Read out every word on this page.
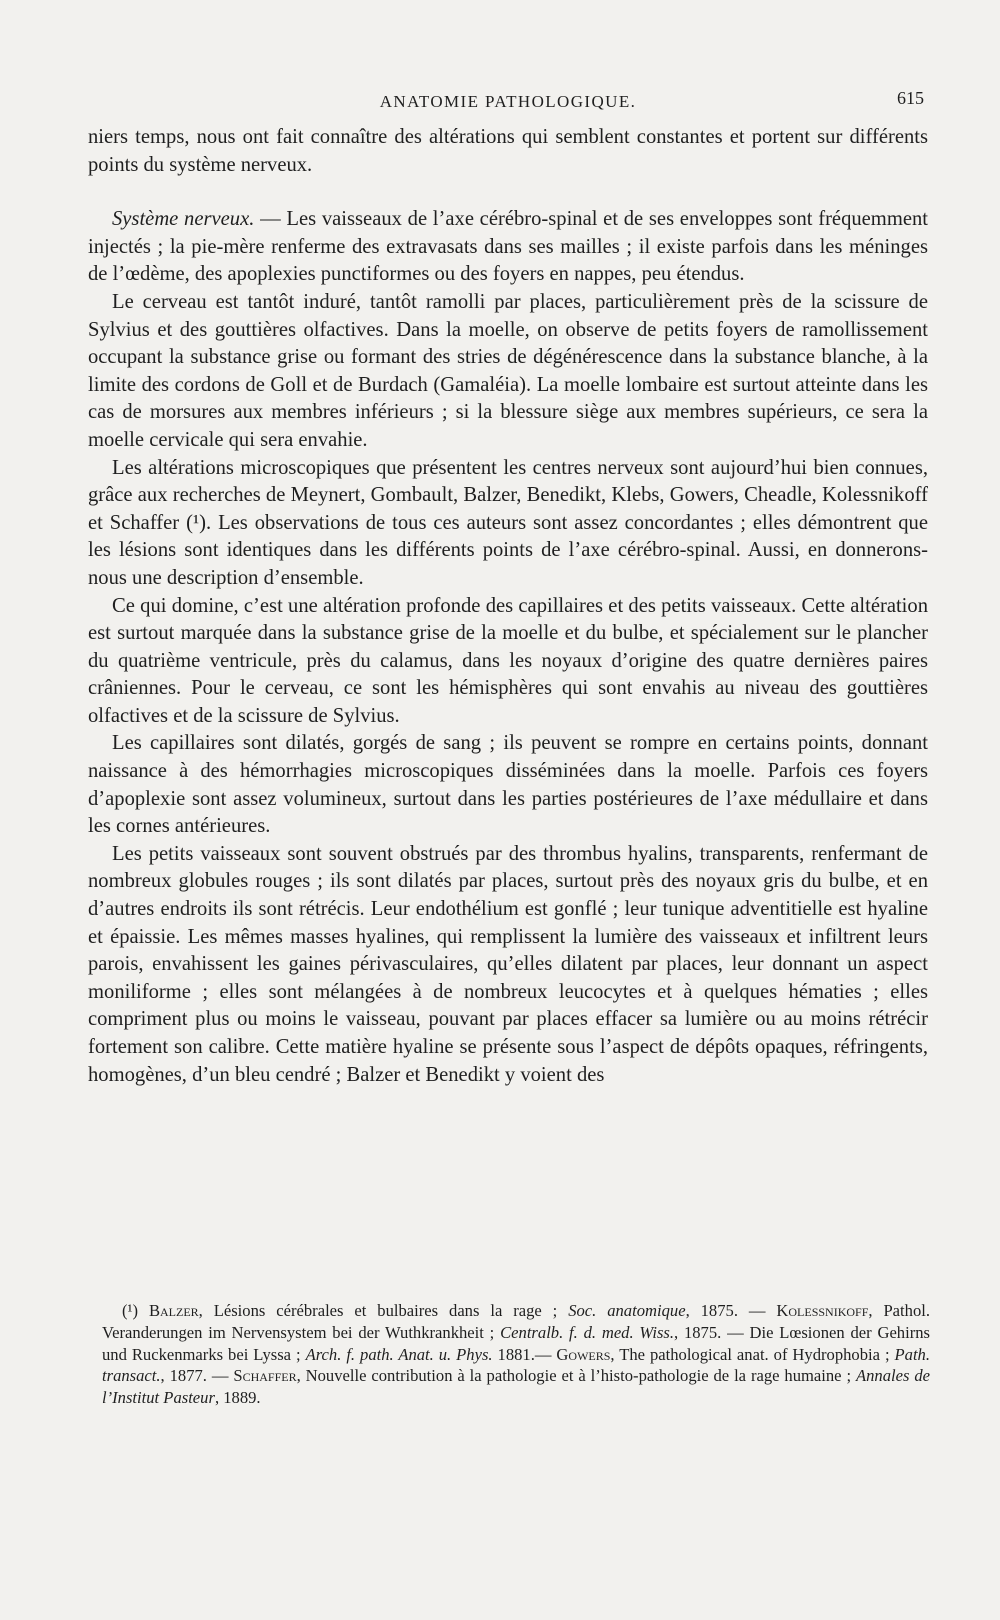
ANATOMIE PATHOLOGIQUE.	615

niers temps, nous ont fait connaître des altérations qui semblent constantes et portent sur différents points du système nerveux.

Système nerveux. — Les vaisseaux de l’axe cérébro-spinal et de ses enveloppes sont fréquemment injectés ; la pie-mère renferme des extravasats dans ses mailles ; il existe parfois dans les méninges de l’œdème, des apoplexies punctiformes ou des foyers en nappes, peu étendus.

Le cerveau est tantôt induré, tantôt ramolli par places, particulièrement près de la scissure de Sylvius et des gouttières olfactives. Dans la moelle, on observe de petits foyers de ramollissement occupant la substance grise ou formant des stries de dégénérescence dans la substance blanche, à la limite des cordons de Goll et de Burdach (Gamaléia). La moelle lombaire est surtout atteinte dans les cas de morsures aux membres inférieurs ; si la blessure siège aux membres supérieurs, ce sera la moelle cervicale qui sera envahie.

Les altérations microscopiques que présentent les centres nerveux sont aujourd’hui bien connues, grâce aux recherches de Meynert, Gombault, Balzer, Benedikt, Klebs, Gowers, Cheadle, Kolessnikoff et Schaffer (¹). Les observations de tous ces auteurs sont assez concordantes ; elles démontrent que les lésions sont identiques dans les différents points de l’axe cérébro-spinal. Aussi, en donnerons-nous une description d’ensemble.

Ce qui domine, c’est une altération profonde des capillaires et des petits vaisseaux. Cette altération est surtout marquée dans la substance grise de la moelle et du bulbe, et spécialement sur le plancher du quatrième ventricule, près du calamus, dans les noyaux d’origine des quatre dernières paires crâniennes. Pour le cerveau, ce sont les hémisphères qui sont envahis au niveau des gouttières olfactives et de la scissure de Sylvius.

Les capillaires sont dilatés, gorgés de sang ; ils peuvent se rompre en certains points, donnant naissance à des hémorrhagies microscopiques disséminées dans la moelle. Parfois ces foyers d’apoplexie sont assez volumineux, surtout dans les parties postérieures de l’axe médullaire et dans les cornes antérieures.

Les petits vaisseaux sont souvent obstrués par des thrombus hyalins, transparents, renfermant de nombreux globules rouges ; ils sont dilatés par places, surtout près des noyaux gris du bulbe, et en d’autres endroits ils sont rétrécis. Leur endothélium est gonflé ; leur tunique adventitielle est hyaline et épaissie. Les mêmes masses hyalines, qui remplissent la lumière des vaisseaux et infiltrent leurs parois, envahissent les gaines périvasculaires, qu’elles dilatent par places, leur donnant un aspect moniliforme ; elles sont mélangées à de nombreux leucocytes et à quelques hématies ; elles compriment plus ou moins le vaisseau, pouvant par places effacer sa lumière ou au moins rétrécir fortement son calibre. Cette matière hyaline se présente sous l’aspect de dépôts opaques, réfringents, homogènes, d’un bleu cendré ; Balzer et Benedikt y voient des

(¹) Balzer, Lésions cérébrales et bulbaires dans la rage ; Soc. anatomique, 1875. — Kolessnikoff, Pathol. Veranderungen im Nervensystem bei der Wuthkrankheit ; Centralb. f. d. med. Wiss., 1875. — Die Lœsionen der Gehirns und Ruckenmarks bei Lyssa ; Arch. f. path. Anat. u. Phys. 1881.— Gowers, The pathological anat. of Hydrophobia ; Path. transact., 1877. — Schaffer, Nouvelle contribution à la pathologie et à l’histo-pathologie de la rage humaine ; Annales de l’Institut Pasteur, 1889.
